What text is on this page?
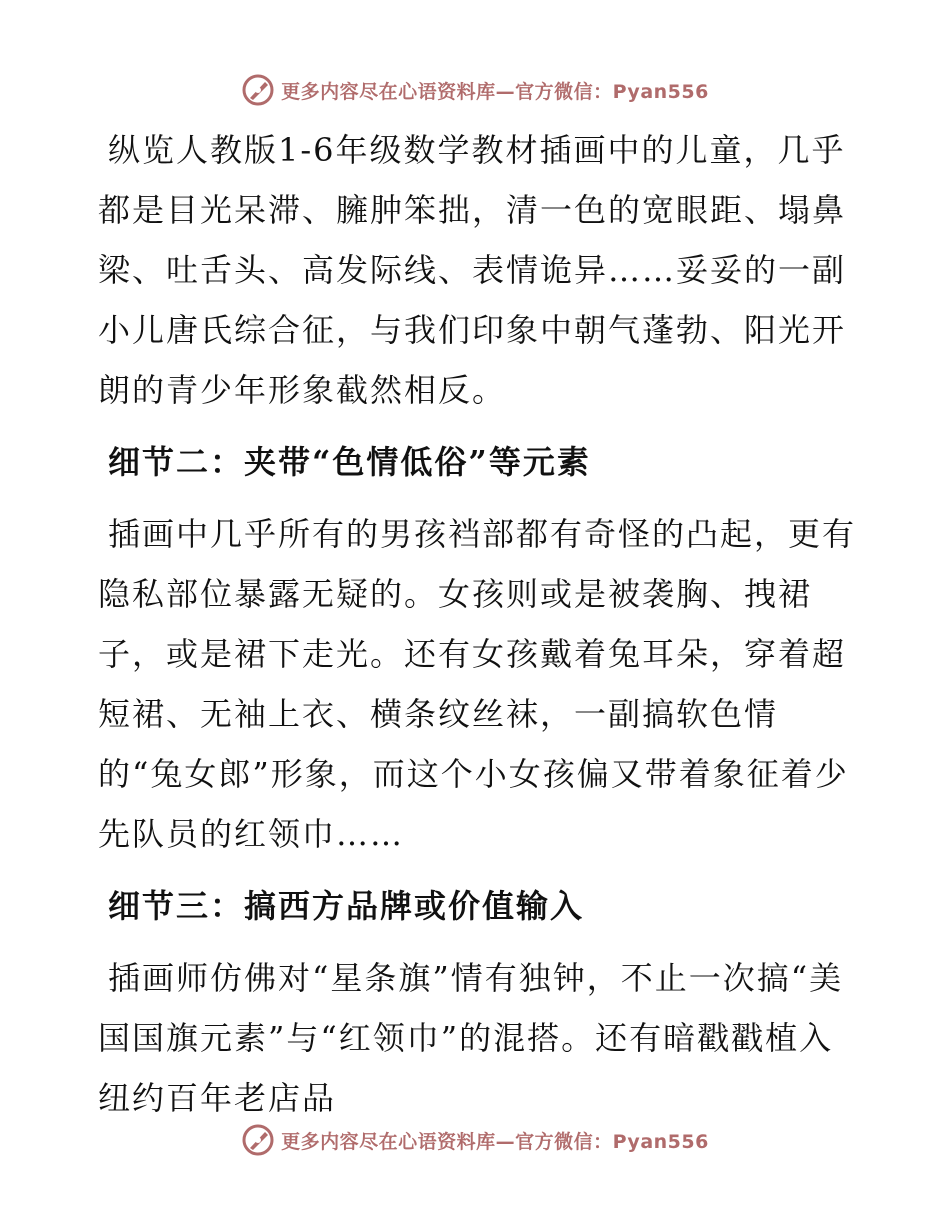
更多内容尽在心语资料库—官方微信：Pyan556

纵览人教版1-6年级数学教材插画中的儿童，几乎都是目光呆滞、臃肿笨拙，清一色的宽眼距、塌鼻梁、吐舌头、高发际线、表情诡异……妥妥的一副小儿唐氏综合征，与我们印象中朝气蓬勃、阳光开朗的青少年形象截然相反。

细节二：夹带“色情低俗”等元素

插画中几乎所有的男孩裆部都有奇怪的凸起，更有隐私部位暴露无疑的。女孩则或是被袭胸、拽裙子，或是裙下走光。还有女孩戴着兔耳朵，穿着超短裙、无袖上衣、横条纹丝袜，一副搞软色情的“兔女郎”形象，而这个小女孩偏又带着象征着少先队员的红领巾……

细节三：搞西方品牌或价值输入

插画师仿佛对“星条旗”情有独钟，不止一次搞“美国国旗元素”与“红领巾”的混搭。还有暗戳戳植入纽约百年老店品

更多内容尽在心语资料库—官方微信：Pyan556
